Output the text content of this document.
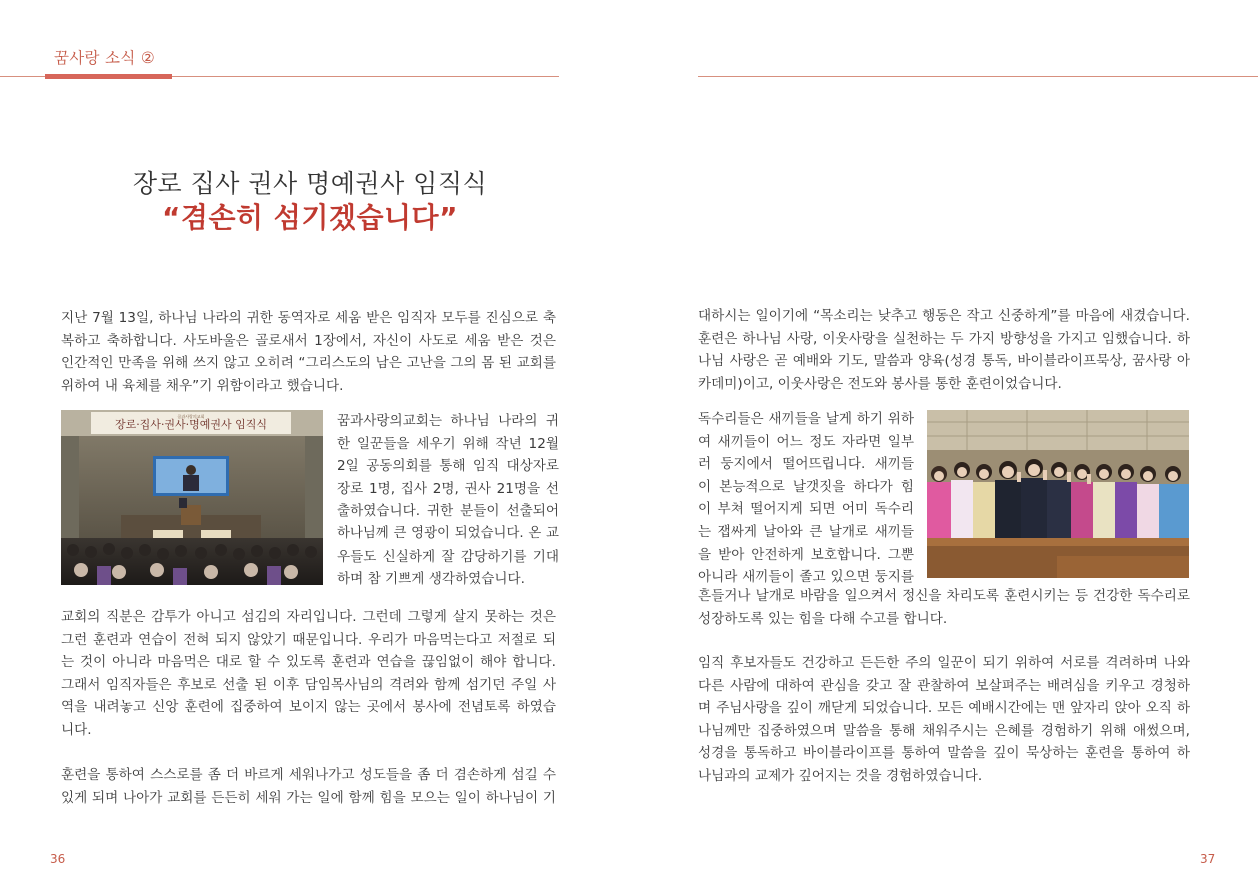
꿈사랑 소식 ②
장로 집사 권사 명예권사 임직식
“겸손히 섬기겠습니다”

지난 7월 13일, 하나님 나라의 귀한 동역자로 세움 받은 임직자 모두를 진심으로 축
복하고 축하합니다. 사도바울은 골로새서 1장에서, 자신이 사도로 세움 받은 것은
인간적인 만족을 위해 쓰지 않고 오히려 “그리스도의 남은 고난을 그의 몸 된 교회를
위하여 내 육체를 채우”기 위함이라고 했습니다.

장로·집사·권사·명예권사 임직식
꿈과사랑의교회	꿈과사랑의교회는 하나님 나라의 귀
한 일꾼들을 세우기 위해 작년 12월
2일 공동의회를 통해 임직 대상자로
장로 1명, 집사 2명, 권사 21명을 선
출하였습니다. 귀한 분들이 선출되어
하나님께 큰 영광이 되었습니다. 온 교
우들도 신실하게 잘 감당하기를 기대
하며 참 기쁘게 생각하였습니다.

교회의 직분은 감투가 아니고 섬김의 자리입니다. 그런데 그렇게 살지 못하는 것은
그런 훈련과 연습이 전혀 되지 않았기 때문입니다. 우리가 마음먹는다고 저절로 되
는 것이 아니라 마음먹은 대로 할 수 있도록 훈련과 연습을 끊임없이 해야 합니다.
그래서 임직자들은 후보로 선출 된 이후 담임목사님의 격려와 함께 섬기던 주일 사
역을 내려놓고 신앙 훈련에 집중하여 보이지 않는 곳에서 봉사에 전념토록 하였습
니다.

훈련을 통하여 스스로를 좀 더 바르게 세워나가고 성도들을 좀 더 겸손하게 섬길 수
있게 되며 나아가 교회를 든든히 세워 가는 일에 함께 힘을 모으는 일이 하나님이 기

36

대하시는 일이기에 “목소리는 낮추고 행동은 작고 신중하게”를 마음에 새겼습니다.
훈련은 하나님 사랑, 이웃사랑을 실천하는 두 가지 방향성을 가지고 임했습니다. 하
나님 사랑은 곧 예배와 기도, 말씀과 양육(성경 통독, 바이블라이프묵상, 꿈사랑 아
카데미)이고, 이웃사랑은 전도와 봉사를 통한 훈련이었습니다.

독수리들은 새끼들을 날게 하기 위하
여 새끼들이 어느 정도 자라면 일부
러 둥지에서 떨어뜨립니다. 새끼들
이 본능적으로 날갯짓을 하다가 힘
이 부쳐 떨어지게 되면 어미 독수리
는 잽싸게 날아와 큰 날개로 새끼들
을 받아 안전하게 보호합니다. 그뿐
아니라 새끼들이 졸고 있으면 둥지를

흔들거나 날개로 바람을 일으켜서 정신을 차리도록 훈련시키는 등 건강한 독수리로
성장하도록 있는 힘을 다해 수고를 합니다.

임직 후보자들도 건강하고 든든한 주의 일꾼이 되기 위하여 서로를 격려하며 나와
다른 사람에 대하여 관심을 갖고 잘 관찰하여 보살펴주는 배려심을 키우고 경청하
며 주님사랑을 깊이 깨닫게 되었습니다. 모든 예배시간에는 맨 앞자리 앉아 오직 하
나님께만 집중하였으며 말씀을 통해 채워주시는 은혜를 경험하기 위해 애썼으며,
성경을 통독하고 바이블라이프를 통하여 말씀을 깊이 묵상하는 훈련을 통하여 하
나님과의 교제가 깊어지는 것을 경험하였습니다.

37
